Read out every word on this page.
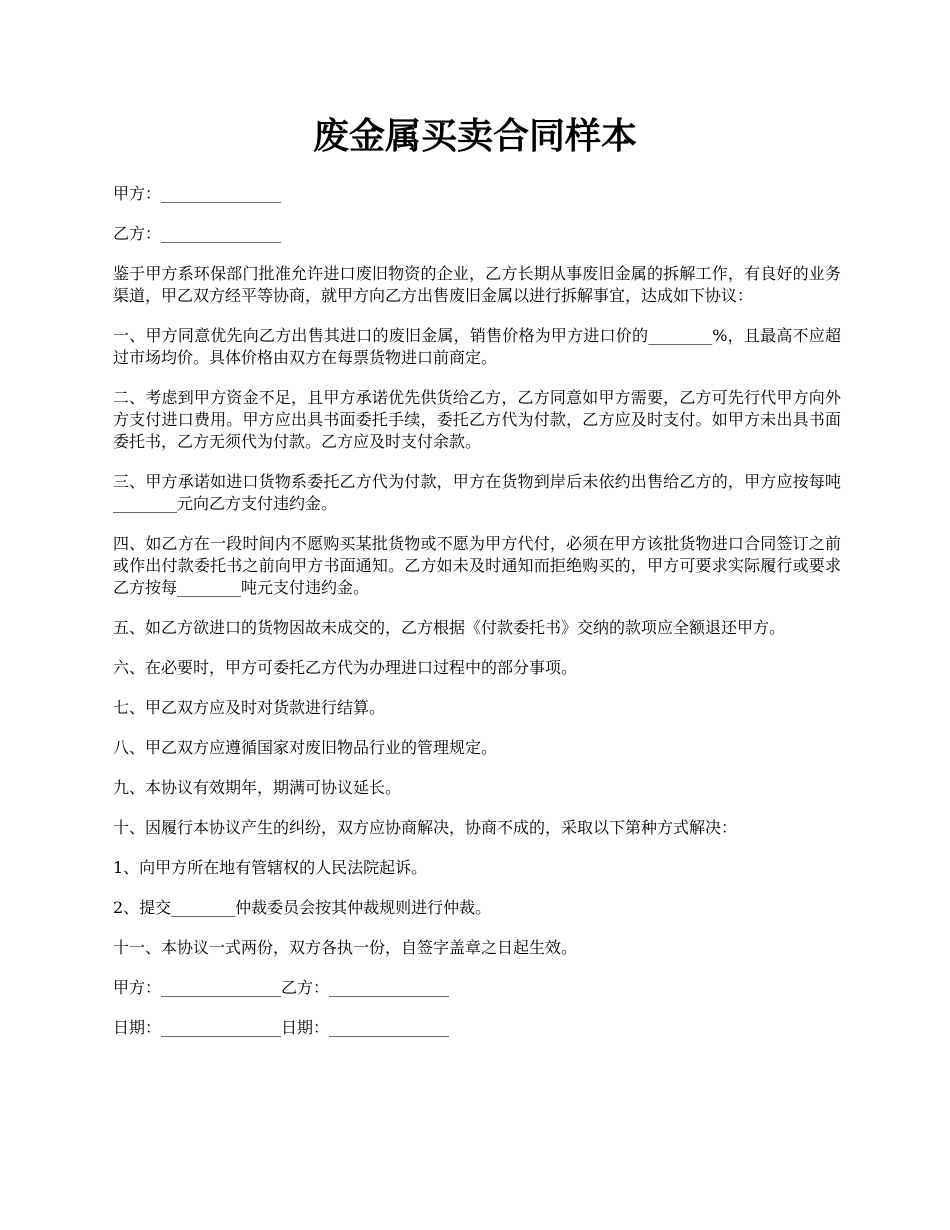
废金属买卖合同样本

甲方：_______________

乙方：_______________

鉴于甲方系环保部门批准允许进口废旧物资的企业，乙方长期从事废旧金属的拆解工作，有良好的业务渠道，甲乙双方经平等协商，就甲方向乙方出售废旧金属以进行拆解事宜，达成如下协议：

一、甲方同意优先向乙方出售其进口的废旧金属，销售价格为甲方进口价的________%，且最高不应超过市场均价。具体价格由双方在每票货物进口前商定。

二、考虑到甲方资金不足，且甲方承诺优先供货给乙方，乙方同意如甲方需要，乙方可先行代甲方向外方支付进口费用。甲方应出具书面委托手续，委托乙方代为付款，乙方应及时支付。如甲方未出具书面委托书，乙方无须代为付款。乙方应及时支付余款。

三、甲方承诺如进口货物系委托乙方代为付款，甲方在货物到岸后未依约出售给乙方的，甲方应按每吨________元向乙方支付违约金。

四、如乙方在一段时间内不愿购买某批货物或不愿为甲方代付，必须在甲方该批货物进口合同签订之前或作出付款委托书之前向甲方书面通知。乙方如未及时通知而拒绝购买的，甲方可要求实际履行或要求乙方按每________吨元支付违约金。

五、如乙方欲进口的货物因故未成交的，乙方根据《付款委托书》交纳的款项应全额退还甲方。

六、在必要时，甲方可委托乙方代为办理进口过程中的部分事项。

七、甲乙双方应及时对货款进行结算。

八、甲乙双方应遵循国家对废旧物品行业的管理规定。

九、本协议有效期年，期满可协议延长。

十、因履行本协议产生的纠纷，双方应协商解决，协商不成的，采取以下第种方式解决：

1、向甲方所在地有管辖权的人民法院起诉。

2、提交________仲裁委员会按其仲裁规则进行仲裁。

十一、本协议一式两份，双方各执一份，自签字盖章之日起生效。

甲方：_______________乙方：_______________

日期：_______________日期：_______________
